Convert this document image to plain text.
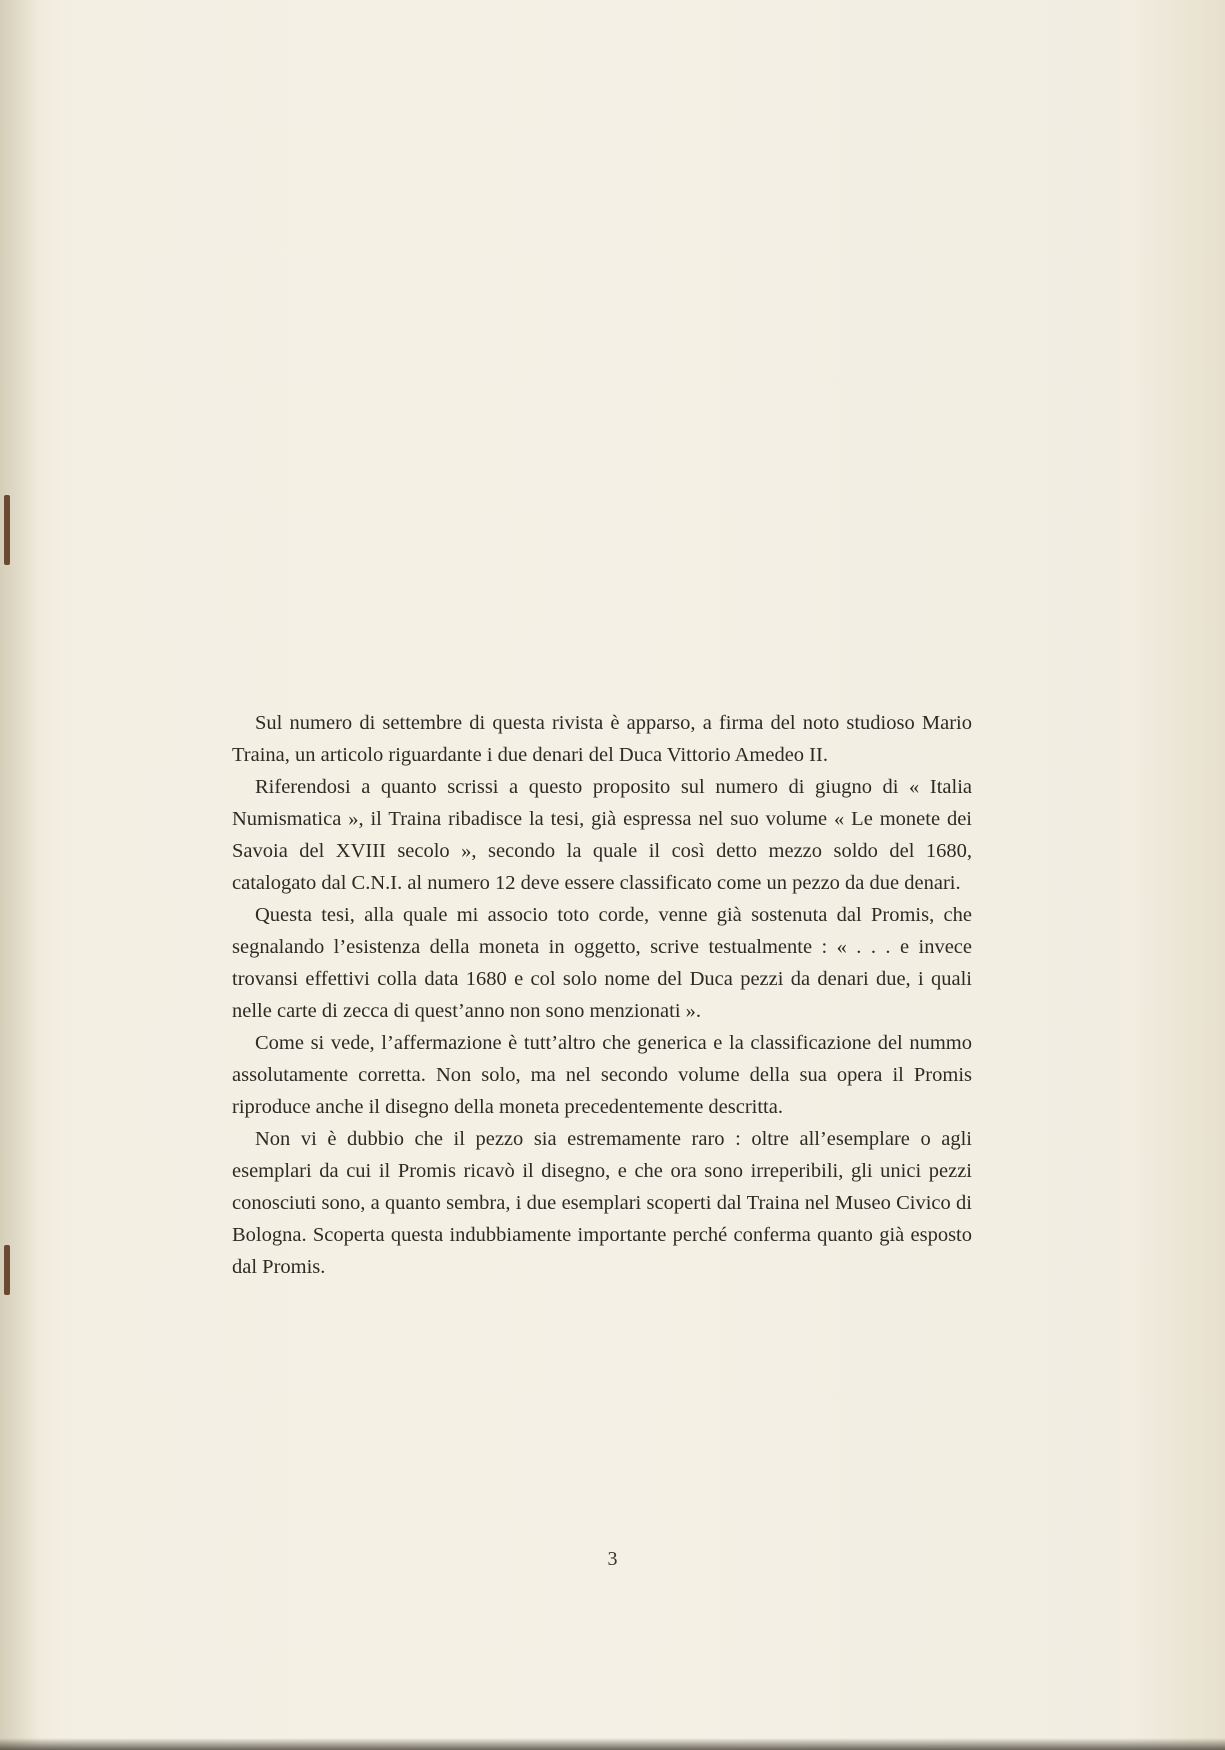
Sul numero di settembre di questa rivista è apparso, a firma del noto studioso Mario Traina, un articolo riguardante i due denari del Duca Vittorio Amedeo II.

Riferendosi a quanto scrissi a questo proposito sul numero di giugno di « Italia Numismatica », il Traina ribadisce la tesi, già espressa nel suo volume « Le monete dei Savoia del XVIII secolo », secondo la quale il così detto mezzo soldo del 1680, catalogato dal C.N.I. al numero 12 deve essere classificato come un pezzo da due denari.

Questa tesi, alla quale mi associo toto corde, venne già sostenuta dal Promis, che segnalando l’esistenza della moneta in oggetto, scrive testualmente : « . . . e invece trovansi effettivi colla data 1680 e col solo nome del Duca pezzi da denari due, i quali nelle carte di zecca di quest’anno non sono menzionati ».

Come si vede, l’affermazione è tutt’altro che generica e la classificazione del nummo assolutamente corretta. Non solo, ma nel secondo volume della sua opera il Promis riproduce anche il disegno della moneta precedentemente descritta.

Non vi è dubbio che il pezzo sia estremamente raro : oltre all’esemplare o agli esemplari da cui il Promis ricavò il disegno, e che ora sono irreperibili, gli unici pezzi conosciuti sono, a quanto sembra, i due esemplari scoperti dal Traina nel Museo Civico di Bologna. Scoperta questa indubbiamente importante perché conferma quanto già esposto dal Promis.

3
